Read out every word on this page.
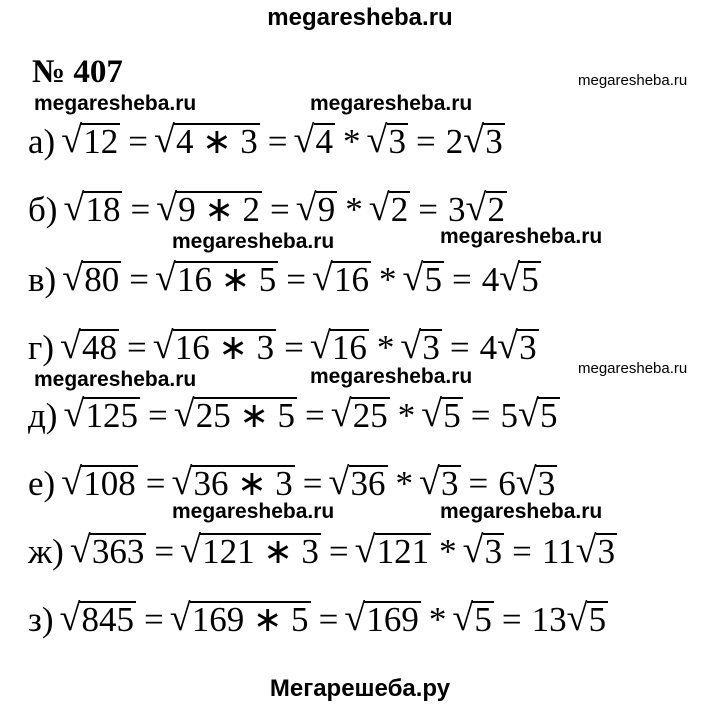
megaresheba.ru
№ 407	megaresheba.ru
megaresheba.ru	megaresheba.ru
megaresheba.ru	megaresheba.ru
megaresheba.ru
megaresheba.ru	megaresheba.ru
megaresheba.ru	megaresheba.ru
а) √ 12 = √ 4 ∗ 3 = √ 4 * √ 3 = 2 √ 3
б) √ 18 = √ 9 ∗ 2 = √ 9 * √ 2 = 3 √ 2
в) √ 80 = √ 16 ∗ 5 = √ 16 * √ 5 = 4 √ 5
г) √ 48 = √ 16 ∗ 3 = √ 16 * √ 3 = 4 √ 3
д) √ 125 = √ 25 ∗ 5 = √ 25 * √ 5 = 5 √ 5
е) √ 108 = √ 36 ∗ 3 = √ 36 * √ 3 = 6 √ 3
ж) √ 363 = √ 121 ∗ 3 = √ 121 * √ 3 = 11 √ 3
з) √ 845 = √ 169 ∗ 5 = √ 169 * √ 5 = 13 √ 5
Мегарешеба.ру
